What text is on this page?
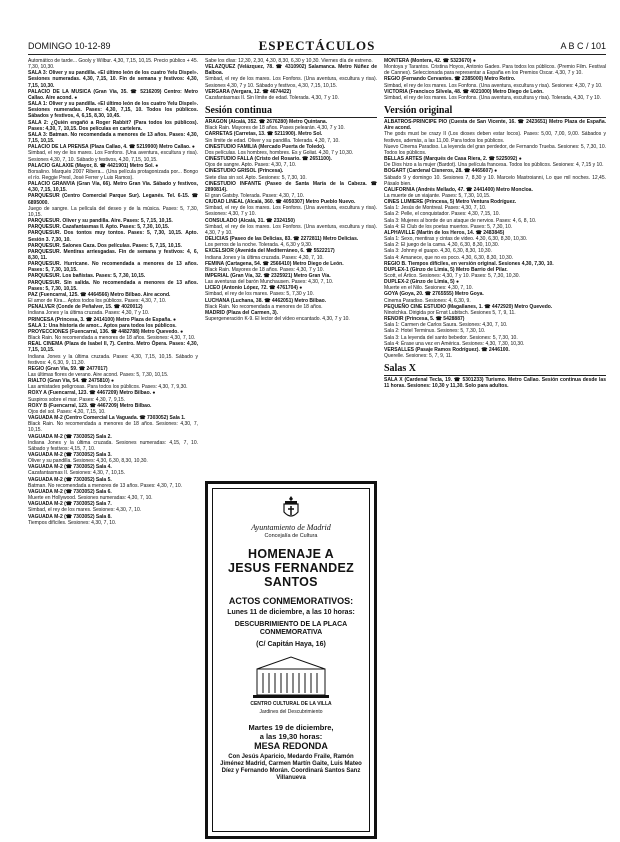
DOMINGO 10-12-89	ESPECTÁCULOS	A B C / 101

Automático de tarde... Gooly y Wilbur. 4,30, 7,15, 10,15. Precio público + 45. 7,30, 10,30.

SALA 3: Oliver y su pandilla. «El último león de los cuatro Yelu Dispel». Sesiones numeradas. 4,30, 7,15, 10. Fin de semana y festivos: 4,30, 7,15, 10,30.

PALACIO DE LA MUSICA (Gran Vía, 35. ☎ 5216209) Centro: Metro Callao. Aire acond. ●

SALA 1: Oliver y su pandilla. «El último león de los cuatro Yelu Dispel». Sesiones numeradas. Pases: 4,30, 7,15, 10. Todos los públicos. Sábados y festivos, 4, 6,15, 8,30, 10,45.

SALA 2: ¿Quién engañó a Roger Rabbit? (Para todos los públicos). Pases: 4,30, 7, 10,15. Dos películas en cartelera.

SALA 3: Batman. No recomendada a menores de 13 años. Pases: 4,30, 7,15, 10,15.

PALACIO DE LA PRENSA (Plaza Callao, 4. ☎ 5219900) Metro Callao. ●

Simbad, el rey de los mares. Los Fonfons. (Una aventura, escultura y risa). Sesiones 4,30, 7, 10. Sábado y festivos, 4,30, 7,15, 10,15.

PALACIO GALAXIE (Mayor, 8. ☎ 4421901) Metro Sol. ●

Borsalino. Marqués 2007 Ribera... (Una película protagonizada por... Bongo el río. Reggie Presl, José Ferrer y Luis Ramos).

PALACIO GRANVIA (Gran Vía, 66). Metro Gran Vía. Sábado y festivos, 4,30, 7,15, 10,15.

PARQUESUR (Centro Comercial Parque Sur). Leganés. Tel. 6-15. ☎ 6895000.

Juego de sangre. La película del deseo y de la música. Pases: 5, 7,30, 10,15.

PARQUESUR. Oliver y su pandilla. Aire. Pases: 5, 7,15, 10,15.

PARQUESUR. Cazafantasmas II. Apto. Pases: 5, 7,30, 10,15.

PARQUESUR. Dos tontos muy tontos. Pases: 5, 7,30, 10,15. Apto. Sesión 3. 7,30, 10.

PARQUESUR. Salones Caza. Dos películas. Pases: 5, 7,15, 10,15.

PARQUESUR. Mentiras arriesgadas. Fin de semana y festivos: 4, 6, 8,30, 11.

PARQUESUR. Hurricane. No recomendada a menores de 13 años. Pases: 5, 7,30, 10,15.

PARQUESUR. Los bañistas. Pases: 5, 7,30, 10,15.

PARQUESUR. Sin salida. No recomendada a menores de 13 años. Pases: 5, 7,30, 10,15.

PAZ (Fuencarral, 125. ☎ 4464566) Metro Bilbao. Aire acond.

El amor de Kira... Aptos todos los públicos. Pases: 4,30, 7, 10.

PENALVER (Conde de Peñalver, 15. ☎ 4020012)

Indiana Jones y la última cruzada. Pases: 4,30, 7 y 10.

PRINCESA (Princesa, 3. ☎ 2414100) Metro Plaza de España. ●

SALA 1: Una historia de amor... Aptos para todos los públicos.

PROYECCIONES (Fuencarral, 136. ☎ 4482788) Metro Quevedo. ●

Black Rain. No recomendada a menores de 18 años. Sesiones: 4,30, 7, 10.

REAL CINEMA (Plaza de Isabel II, 7). Centro. Metro Ópera. Pases: 4,30, 7,15, 10,15.

Indiana Jones y la última cruzada. Pases: 4,30, 7,15, 10,15. Sábado y festivos: 4, 6,30, 9, 11,30.

REGIO (Gran Vía, 59. ☎ 2477017)

Las últimas flores de verano. Aire acond. Pases: 5, 7,30, 10,15.

RIALTO (Gran Vía, 54. ☎ 2475810) ●

Las amistades peligrosas. Para todos los públicos. Pases: 4,30, 7, 9,30.

ROXY A (Fuencarral, 123. ☎ 4467209) Metro Bilbao. ●

Suspiros sobre el mar. Pases: 4,30, 7, 9,15.

ROXY B (Fuencarral, 123. ☎ 4467209) Metro Bilbao.

Ojos del sol. Pases: 4,30, 7,15, 10.

VAGUADA M-2 (Centro Comercial La Vaguada. ☎ 7303052) Sala 1.

Black Rain. No recomendada a menores de 18 años. Sesiones: 4,30, 7, 10,15.

VAGUADA M-2 (☎ 7303052) Sala 2.

Indiana Jones y la última cruzada. Sesiones numeradas: 4,15, 7, 10. Sábado y festivos: 4,15, 7, 10.

VAGUADA M-2 (☎ 7303052) Sala 3.

Oliver y su pandilla. Sesiones: 4,30, 6,30, 8,30, 10,30.

VAGUADA M-2 (☎ 7303052) Sala 4.

Cazafantasmas II. Sesiones: 4,30, 7, 10,15.

VAGUADA M-2 (☎ 7303052) Sala 5.

Batman. No recomendada a menores de 13 años. Pases: 4,30, 7, 10.

VAGUADA M-2 (☎ 7303052) Sala 6.

Muerte en Hollywood. Sesiones numeradas: 4,30, 7, 10.

VAGUADA M-2 (☎ 7303052) Sala 7.

Simbad, el rey de los mares. Sesiones: 4,30, 7, 10.

VAGUADA M-2 (☎ 7303052) Sala 8.

Tiempos difíciles. Sesiones: 4,30, 7, 10.

Sabe los días: 12,30, 2,30, 4,30, 8,30, 6,30 y 10,30. Viernes día de estreno.

VELAZQUEZ (Velázquez, 78. ☎ 4310902) Salamanca. Metro Núñez de Balboa.

Simbad, el rey de los mares. Los Fonfons. (Una aventura, escultura y risa). Sesiones 4,30, 7 y 10. Sábado y festivos, 4,30, 7,15, 10,15.

VERGARA (Vergara, 12. ☎ 4674422)

Cazafantasmas II. Sin límite de edad. Tolerada. 4,30, 7 y 10.

Sesión continua

ARAGON (Alcalá, 352. ☎ 2676280) Metro Quintana.

Black Rain. Mayores de 18 años. Pases pelearán. 4,30, 7 y 10.

CARRETAS (Carretas, 13. ☎ 5211900). Metro Sol.

Sin límite de edad. Oliver y su pandilla. Tolerada. 4,30, 7, 10.

CINESTUDIO FAMILIA (Mercado Puerta de Toledo).

Dos películas. Los hombres, hombres. Es y Goliat. 4,30, 7 y 10,30.

CINESTUDIO FALLA (Cristo del Rosario. ☎ 2651100).

Ojos de sangre. Apto. Pases: 4,30, 7, 10.

CINESTUDIO GRISOL (Princesa).

Siete días sin sol. Apto. Sesiones: 5, 7,30, 10.

CINESTUDIO INFANTE (Paseo de Santa María de la Cabeza. ☎ 2890814).

El gran Gatsby. Tolerada. Pases: 4,30, 7, 10.

CIUDAD LINEAL (Alcalá, 360. ☎ 4050307) Metro Pueblo Nuevo.

Simbad, el rey de los mares. Los Fonfons. (Una aventura, escultura y risa). Sesiones: 4,30, 7 y 10.

CONSULADO (Alcalá, 31. ☎ 2324150)

Simbad, el rey de los mares. Los Fonfons. (Una aventura, escultura y risa). 4,30, 7 y 10.

DELICIAS (Paseo de las Delicias, 83. ☎ 2272811) Metro Delicias.

Los perros de la noche. Tolerada. 4, 6,30 y 9,30.

EXCELSIOR (Avenida del Mediterráneo, 6. ☎ 5522217)

Indiana Jones y la última cruzada. Pases: 4,30, 7, 10.

FEMINA (Cartagena, 54. ☎ 2566410) Metro Diego de León.

Black Rain. Mayores de 18 años. Pases: 4,30, 7 y 10.

IMPERIAL (Gran Vía, 32. ☎ 2325921) Metro Gran Vía.

Las aventuras del barón Munchausen. Pases: 4,30, 7, 10.

LICEO (Antonio López, 72. ☎ 4761704) ●

Simbad, el rey de los mares. Pases: 5, 7,30 y 10.

LUCHANA (Luchana, 38. ☎ 4462051) Metro Bilbao.

Black Rain. No recomendada a menores de 18 años.

MADRID (Plaza del Carmen, 3).

Supergeneración K-9. El lector del vídeo encantado. 4,30, 7 y 10.

MONTERA (Montera, 42. ☎ 5323670) ●

Montoya y Tarantos. Cristina Hoyos, Antonio Gades. Para todos los públicos. (Premio Film. Festival de Cannes). Seleccionada para representar a España en los Premios Oscar. 4,30, 7 y 10.

REGIO (Fernando Cervantes. ☎ 2385000) Metro Retiro.

Simbad, el rey de los mares. Los Fonfons. (Una aventura, escultura y risa). Sesiones: 4,30, 7 y 10.

VICTORIA (Francisco Silvela, 48. ☎ 4021000) Metro Diego de León.

Simbad, el rey de los mares. Los Fonfons. (Una aventura, escultura y risa). Tolerada, 4,30, 7 y 10.

Versión original

ALBATROS-PRINCIPE PIO (Cuesta de San Vicente, 16. ☎ 2423651) Metro Plaza de España. Aire acond.

The gods must be crazy II (Los dioses deben estar locos). Pases: 5,00, 7,00, 9,00. Sábados y festivos, además, a las 11,00. Para todos los públicos.

Nuevo Cinema Paradiso. La leyenda del gran perdedor, de Fernando Trueba. Sesiones: 5, 7,30, 10. Todos los públicos.

BELLAS ARTES (Marqués de Casa Riera, 2. ☎ 5225092) ●

De Dios hizo a la mujer (Bardot). Una película francesa. Todos los públicos. Sesiones: 4, 7,15 y 10.

BOGART (Cardenal Cisneros, 28. ☎ 4465607) ●

Sábado 9 y domingo 10. Sesiones 7, 8,30 y 10. Marcelo Mastroianni, Lo que mil noches. 12,45. Pásalo bien.

CALIFORNIA (Andrés Mellado, 47. ☎ 2441400) Metro Moncloa.

La muerte de un viajante. Pases: 5, 7,30, 10,15.

CINES LUMIERE (Princesa, 5) Metro Ventura Rodríguez.

Sala 1: Jesús de Montreal. Pases: 4,30, 7, 10.

Sala 2: Pelle, el conquistador. Pases: 4,30, 7,15, 10.

Sala 3: Mujeres al borde de un ataque de nervios. Pases: 4, 6, 8, 10.

Sala 4: El Club de los poetas muertos. Pases: 5, 7,30, 10.

ALPHAVILLE (Martín de los Heros, 14. ☎ 2483845)

Sala 1: Sexo, mentiras y cintas de video. 4,30, 6,30, 8,30, 10,30.

Sala 2: El juego de la cama. 4,30, 6,30, 8,30, 10,30.

Sala 3: Johnny el guapo. 4,30, 6,30, 8,30, 10,30.

Sala 4: Amanece, que no es poco. 4,30, 6,30, 8,30, 10,30.

REGIO B. Tiempos difíciles, en versión original. Sesiones 4,30, 7,30, 10.

DUPLEX-1 (Ginzo de Limia, 5) Metro Barrio del Pilar.

Scott, el Ártico. Sesiones: 4,30, 7 y 10. Pases: 5, 7,30, 10,30.

DUPLEX-2 (Ginzo de Limia, 5) ●

Muerte en el Nilo. Sesiones: 4,30, 7, 10.

GOYA (Goya, 20. ☎ 2765555) Metro Goya.

Cinema Paradiso. Sesiones: 4, 6,30, 9.

PEQUEÑO CINE ESTUDIO (Magallanes, 1. ☎ 4472920) Metro Quevedo.

Ninotchka. Dirigida por Ernst Lubitsch. Sesiones 5, 7, 9, 11.

RENOIR (Princesa, 5. ☎ 5428887)

Sala 1: Carmen de Carlos Saura. Sesiones: 4,30, 7, 10.

Sala 2: Hotel Terminus. Sesiones: 5, 7,30, 10.

Sala 3: La leyenda del santo bebedor. Sesiones: 5, 7,30, 10.

Sala 4: Érase una vez en América. Sesiones: 4,30, 7,30, 10,30.

VERSALLES (Pasaje Ramos Rodríguez). ☎ 2446100.

Querelle. Sesiones: 5, 7, 9, 11.

Salas X

SALA X (Cardenal Tecla, 19. ☎ 5301233) Turismo. Metro Callao. Sesión continua desde las 11 horas. Sesiones: 10,30 y 11,30. Solo para adultos.

Ayuntamiento de Madrid
Concejalía de Cultura
HOMENAJE A
JESUS FERNANDEZ SANTOS
ACTOS CONMEMORATIVOS:
Lunes 11 de diciembre, a las 10 horas:
DESCUBRIMIENTO DE LA PLACA CONMEMORATIVA
(C/ Capitán Haya, 16)
CENTRO CULTURAL DE LA VILLA
Jardines del Descubrimiento
Martes 19 de diciembre,
a las 19,30 horas:
MESA REDONDA
Con Jesús Aparicio, Medardo Fraile, Ramón Jiménez Madrid, Carmen Martín Gaite, Luis Mateo Díez y Fernando Morán. Coordinará Santos Sanz Villanueva
